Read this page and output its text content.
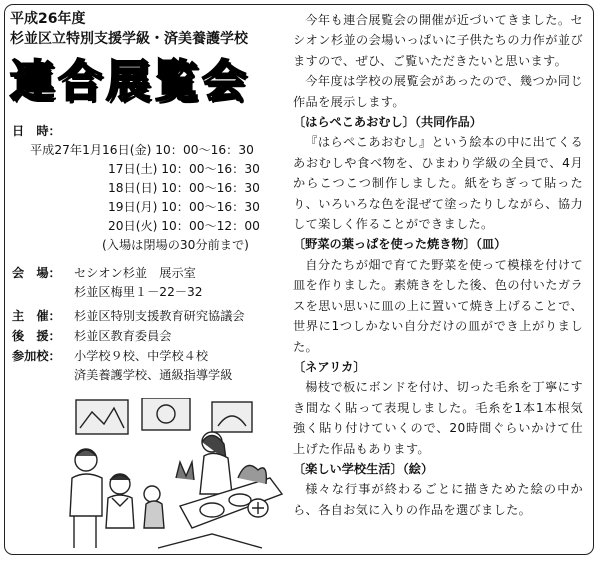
平成26年度
杉並区立特別支援学級・済美養護学校
連合展覧会
日　時：
平成27年1月16日(金) 10：00～16：30
17日(土) 10：00～16：30
18日(日) 10：00～16：30
19日(月) 10：00～16：30
20日(火) 10：00～12：00
(入場は閉場の30分前まで)
会　場： セシオン杉並　展示室
杉並区梅里１－22－32
主　催： 杉並区特別支援教育研究協議会
後　援： 杉並区教育委員会
参加校： 小学校９校、中学校４校
済美養護学校、通級指導学級

今年も連合展覧会の開催が近づいてきました。セシオン杉並の会場いっぱいに子供たちの力作が並びますので、ぜひ、ご覧いただきたいと思います。

今年度は学校の展覧会があったので、幾つか同じ作品を展示します。

〔はらぺこあおむし〕（共同作品）

『はらぺこあおむし』という絵本の中に出てくるあおむしや食べ物を、ひまわり学級の全員で、4月からこつこつ制作しました。紙をちぎって貼ったり、いろいろな色を混ぜて塗ったりしながら、協力して楽しく作ることができました。

〔野菜の葉っぱを使った焼き物〕（皿）

自分たちが畑で育てた野菜を使って模様を付けて皿を作りました。素焼きをした後、色の付いたガラスを思い思いに皿の上に置いて焼き上げることで、世界に1つしかない自分だけの皿ができ上がりました。

〔ネアリカ〕

楊枝で板にボンドを付け、切った毛糸を丁寧にすき間なく貼って表現しました。毛糸を1本1本根気強く貼り付けていくので、20時間ぐらいかけて仕上げた作品もあります。

〔楽しい学校生活〕（絵）

様々な行事が終わるごとに描きためた絵の中から、各自お気に入りの作品を選びました。
